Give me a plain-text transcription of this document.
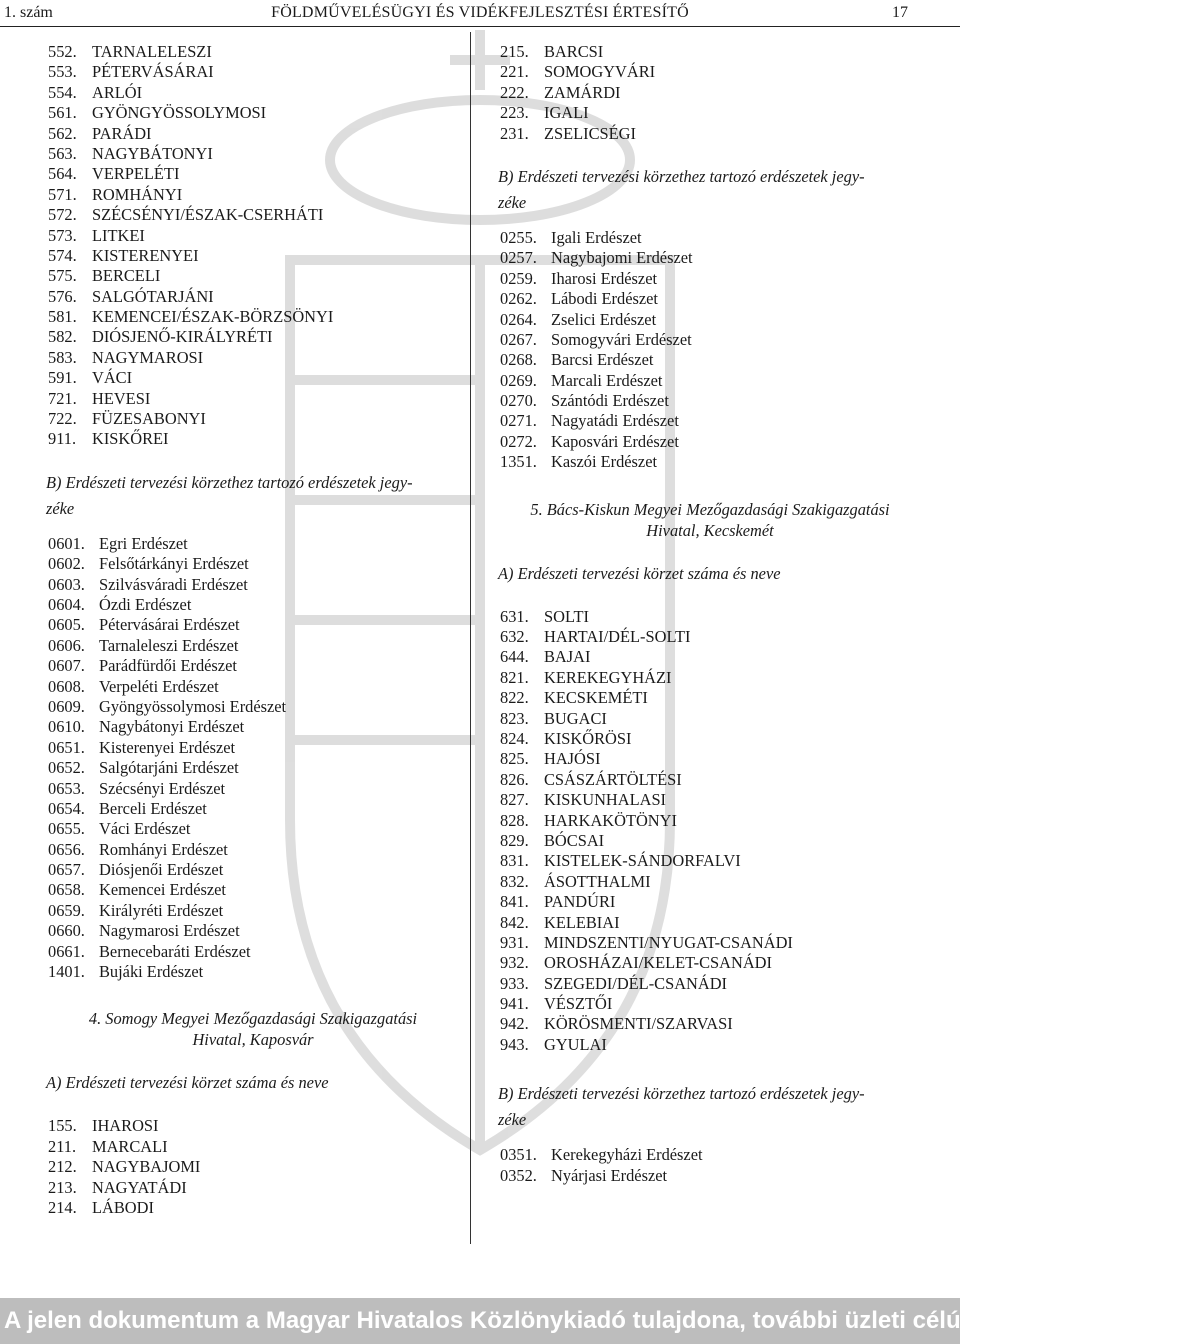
1. szám	FÖLDMŰVELÉSÜGYI ÉS VIDÉKFEJLESZTÉSI ÉRTESÍTŐ	17
552. TARNALELESZI
553. PÉTERVÁSÁRAI
554. ARLÓI
561. GYÖNGYÖSSOLYMOSI
562. PARÁDI
563. NAGYBÁTONYI
564. VERPELÉTI
571. ROMHÁNYI
572. SZÉCSÉNYI/ÉSZAK-CSERHÁTI
573. LITKEI
574. KISTERENYEI
575. BERCELI
576. SALGÓTARJÁNI
581. KEMENCEI/ÉSZAK-BÖRZSÖNYI
582. DIÓSJENŐ-KIRÁLYRÉTI
583. NAGYMAROSI
591. VÁCI
721. HEVESI
722. FÜZESABONYI
911. KISKŐREI

B) Erdészeti tervezési körzethez tartozó erdészetek jegy-
zéke

0601. Egri Erdészet
0602. Felsőtárkányi Erdészet
0603. Szilvásváradi Erdészet
0604. Ózdi Erdészet
0605. Pétervásárai Erdészet
0606. Tarnaleleszi Erdészet
0607. Parádfürdői Erdészet
0608. Verpeléti Erdészet
0609. Gyöngyössolymosi Erdészet
0610. Nagybátonyi Erdészet
0651. Kisterenyei Erdészet
0652. Salgótarjáni Erdészet
0653. Szécsényi Erdészet
0654. Berceli Erdészet
0655. Váci Erdészet
0656. Romhányi Erdészet
0657. Diósjenői Erdészet
0658. Kemencei Erdészet
0659. Királyréti Erdészet
0660. Nagymarosi Erdészet
0661. Bernecebaráti Erdészet
1401. Bujáki Erdészet

4. Somogy Megyei Mezőgazdasági Szakigazgatási
Hivatal, Kaposvár

A) Erdészeti tervezési körzet száma és neve

155. IHAROSI
211. MARCALI
212. NAGYBAJOMI
213. NAGYATÁDI
214. LÁBODI
215. BARCSI
221. SOMOGYVÁRI
222. ZAMÁRDI
223. IGALI
231. ZSELICSÉGI

B) Erdészeti tervezési körzethez tartozó erdészetek jegy-
zéke

0255. Igali Erdészet
0257. Nagybajomi Erdészet
0259. Iharosi Erdészet
0262. Lábodi Erdészet
0264. Zselici Erdészet
0267. Somogyvári Erdészet
0268. Barcsi Erdészet
0269. Marcali Erdészet
0270. Szántódi Erdészet
0271. Nagyatádi Erdészet
0272. Kaposvári Erdészet
1351. Kaszói Erdészet

5. Bács-Kiskun Megyei Mezőgazdasági Szakigazgatási
Hivatal, Kecskemét

A) Erdészeti tervezési körzet száma és neve

631. SOLTI
632. HARTAI/DÉL-SOLTI
644. BAJAI
821. KEREKEGYHÁZI
822. KECSKEMÉTI
823. BUGACI
824. KISKŐRÖSI
825. HAJÓSI
826. CSÁSZÁRTÖLTÉSI
827. KISKUNHALASI
828. HARKAKÖTÖNYI
829. BÓCSAI
831. KISTELEK-SÁNDORFALVI
832. ÁSOTTHALMI
841. PANDÚRI
842. KELEBIAI
931. MINDSZENTI/NYUGAT-CSANÁDI
932. OROSHÁZAI/KELET-CSANÁDI
933. SZEGEDI/DÉL-CSANÁDI
941. VÉSZTŐI
942. KÖRÖSMENTI/SZARVASI
943. GYULAI

B) Erdészeti tervezési körzethez tartozó erdészetek jegy-
zéke

0351. Kerekegyházi Erdészet
0352. Nyárjasi Erdészet
A jelen dokumentum a Magyar Hivatalos Közlönykiadó tulajdona, további üzleti célú felhasználása tilos!
